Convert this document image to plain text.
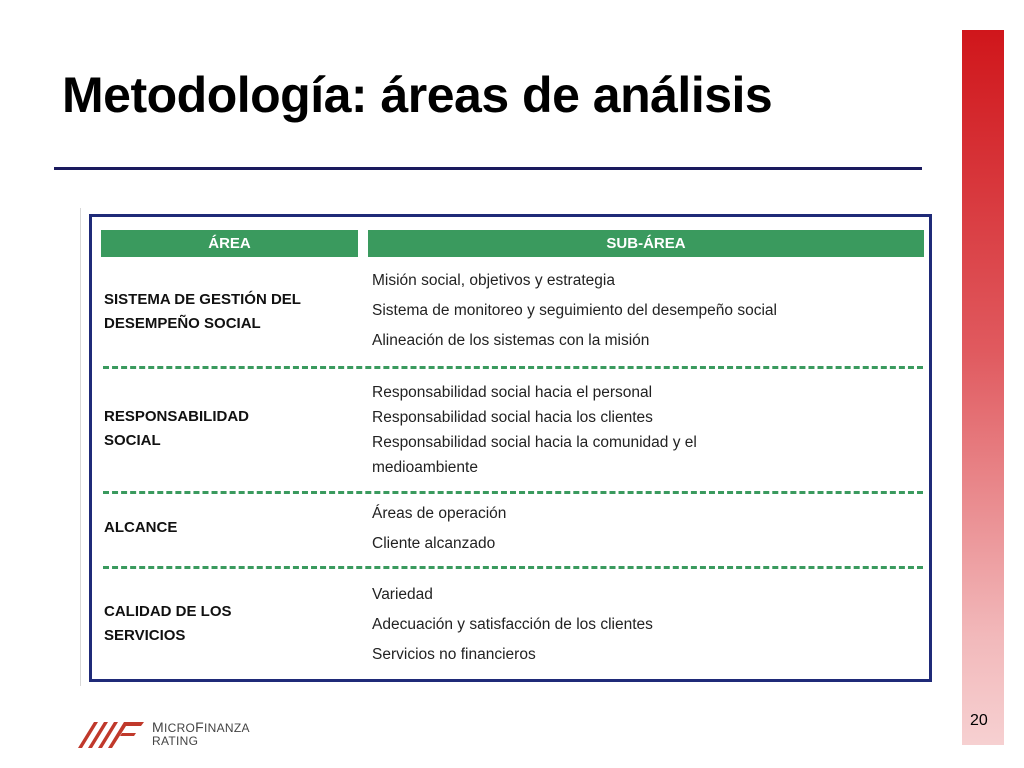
Metodología: áreas de análisis
ÁREA	SUB-ÁREA
SISTEMA DE GESTIÓN DEL
DESEMPEÑO SOCIAL
Misión social, objetivos y estrategia
Sistema de monitoreo y seguimiento del desempeño social
Alineación de los sistemas con la misión
RESPONSABILIDAD
SOCIAL
Responsabilidad social hacia el personal
Responsabilidad social hacia los clientes
Responsabilidad social hacia la comunidad y el
medioambiente
ALCANCE
Áreas de operación
Cliente alcanzado
CALIDAD DE LOS
SERVICIOS
Variedad
Adecuación y satisfacción de los clientes
Servicios no financieros
MICROFINANZA
RATING
20
